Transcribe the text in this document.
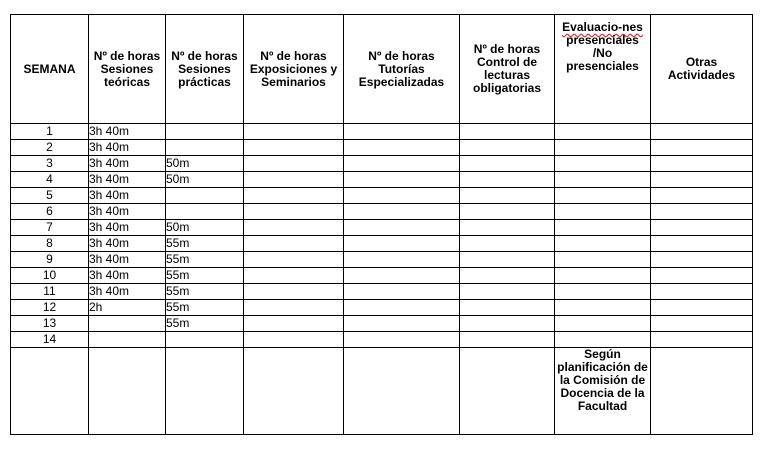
SEMANA	Nº de horas Sesiones teóricas	Nº de horas Sesiones prácticas	Nº de horas Exposiciones y Seminarios	Nº de horas Tutorías Especializadas	Nº de horas Control de lecturas obligatorias	Evaluacio-nes presenciales /No presenciales	Otras Actividades
1	3h 40m						
2	3h 40m						
3	3h 40m	50m					
4	3h 40m	50m					
5	3h 40m						
6	3h 40m						
7	3h 40m	50m					
8	3h 40m	55m					
9	3h 40m	55m					
10	3h 40m	55m					
11	3h 40m	55m					
12	2h	55m					
13		55m					
14							
						Según planificación de la Comisión de Docencia de la Facultad	
